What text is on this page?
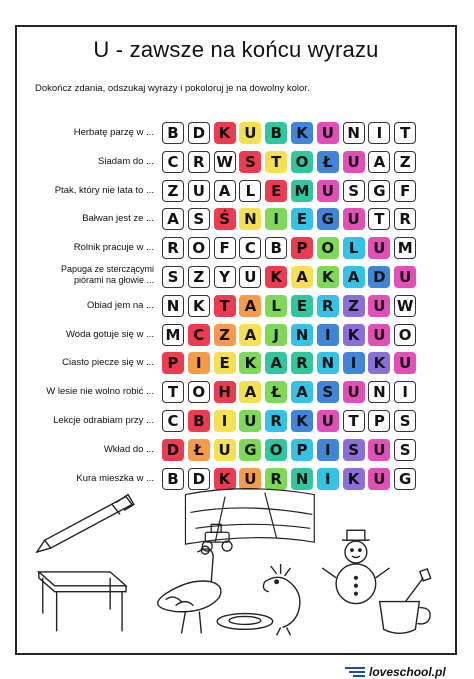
U - zawsze na końcu wyrazu
Dokończ zdania, odszukaj wyrazy i pokoloruj je na dowolny kolor.
Herbatę parzę w ... B D K U B K U N	I	T
Siadam do ... C R W S	T O Ł U A Z
Ptak, który nie lata to ... Z U A	L	E M U S G F
Bałwan jest ze ... A S Ś N	I	E G U T R
Rolnik pracuje w ... R O F	C B P O L U M
Papuga ze sterczącymi
piórami na głowie ... S Z Y U K A K A D U
Obiad jem na ... N K T A	L	E R Z U W
Woda gotuje się w ... M C Z A	J	N	I	K U O
Ciasto piecze się w ... P	I	E K A R N	I	K U
W lesie nie wolno robić ... T O H A	Ł	A S U N	I
Lekcje odrabiam przy ... C B	I	U R K U T	P S
Wkład do ... D Ł U G O P	I	S U S
Kura mieszka w ... B D K U R N	I	K U G
loveschool.pl
